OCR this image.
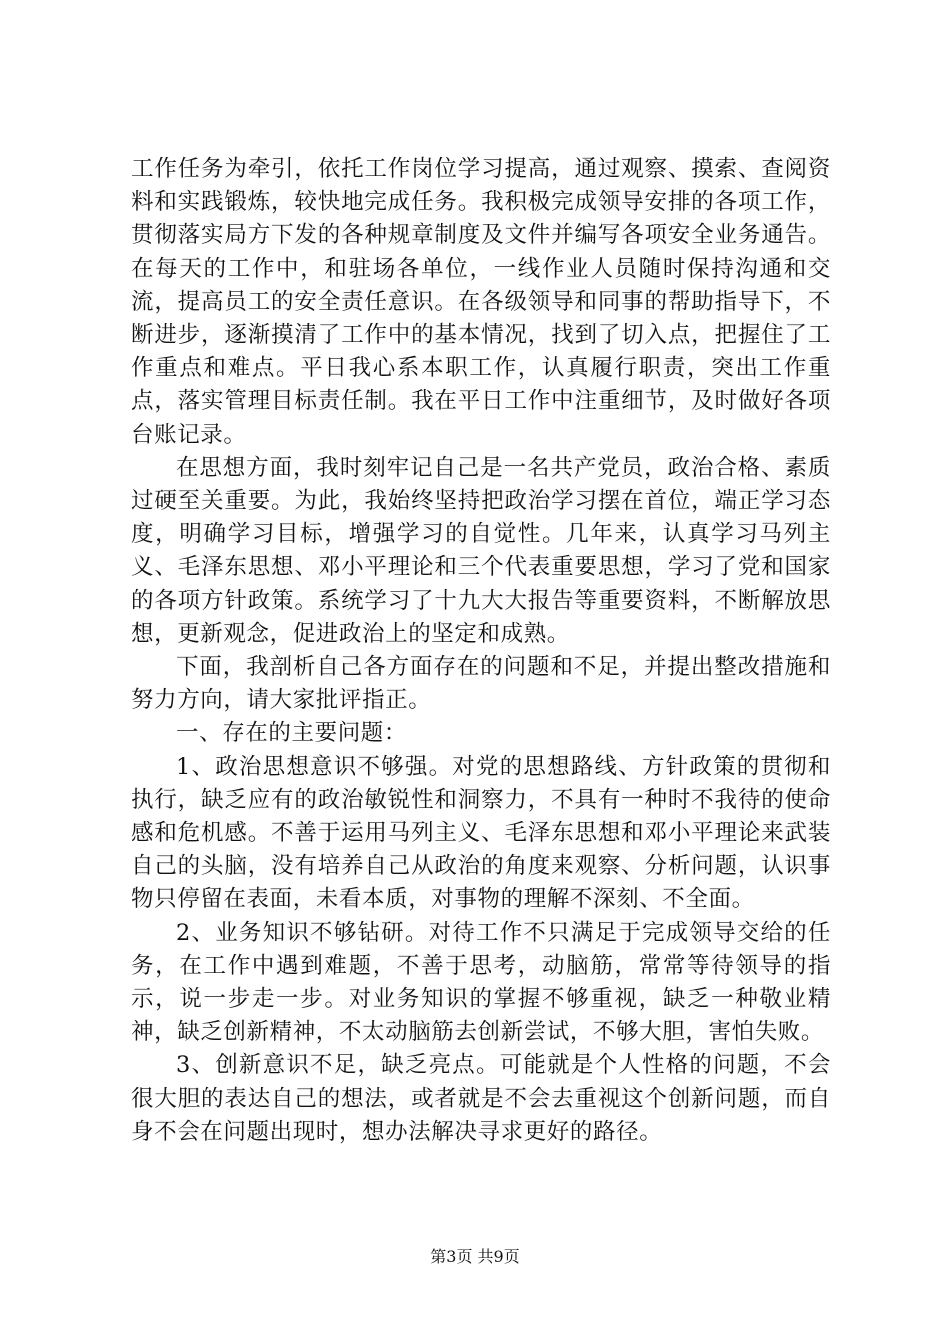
工作任务为牵引，依托工作岗位学习提高，通过观察、摸索、查阅资料和实践锻炼，较快地完成任务。我积极完成领导安排的各项工作，贯彻落实局方下发的各种规章制度及文件并编写各项安全业务通告。在每天的工作中，和驻场各单位，一线作业人员随时保持沟通和交流，提高员工的安全责任意识。在各级领导和同事的帮助指导下，不断进步，逐渐摸清了工作中的基本情况，找到了切入点，把握住了工作重点和难点。平日我心系本职工作，认真履行职责，突出工作重点，落实管理目标责任制。我在平日工作中注重细节，及时做好各项台账记录。

在思想方面，我时刻牢记自己是一名共产党员，政治合格、素质过硬至关重要。为此，我始终坚持把政治学习摆在首位，端正学习态度，明确学习目标，增强学习的自觉性。几年来，认真学习马列主义、毛泽东思想、邓小平理论和三个代表重要思想，学习了党和国家的各项方针政策。系统学习了十九大大报告等重要资料，不断解放思想，更新观念，促进政治上的坚定和成熟。

下面，我剖析自己各方面存在的问题和不足，并提出整改措施和努力方向，请大家批评指正。

一、存在的主要问题：

1、政治思想意识不够强。对党的思想路线、方针政策的贯彻和执行，缺乏应有的政治敏锐性和洞察力，不具有一种时不我待的使命感和危机感。不善于运用马列主义、毛泽东思想和邓小平理论来武装自己的头脑，没有培养自己从政治的角度来观察、分析问题，认识事物只停留在表面，未看本质，对事物的理解不深刻、不全面。

2、业务知识不够钻研。对待工作不只满足于完成领导交给的任务，在工作中遇到难题，不善于思考，动脑筋，常常等待领导的指示，说一步走一步。对业务知识的掌握不够重视，缺乏一种敬业精神，缺乏创新精神，不太动脑筋去创新尝试，不够大胆，害怕失败。

3、创新意识不足，缺乏亮点。可能就是个人性格的问题，不会很大胆的表达自己的想法，或者就是不会去重视这个创新问题，而自身不会在问题出现时，想办法解决寻求更好的路径。

第3页 共9页
